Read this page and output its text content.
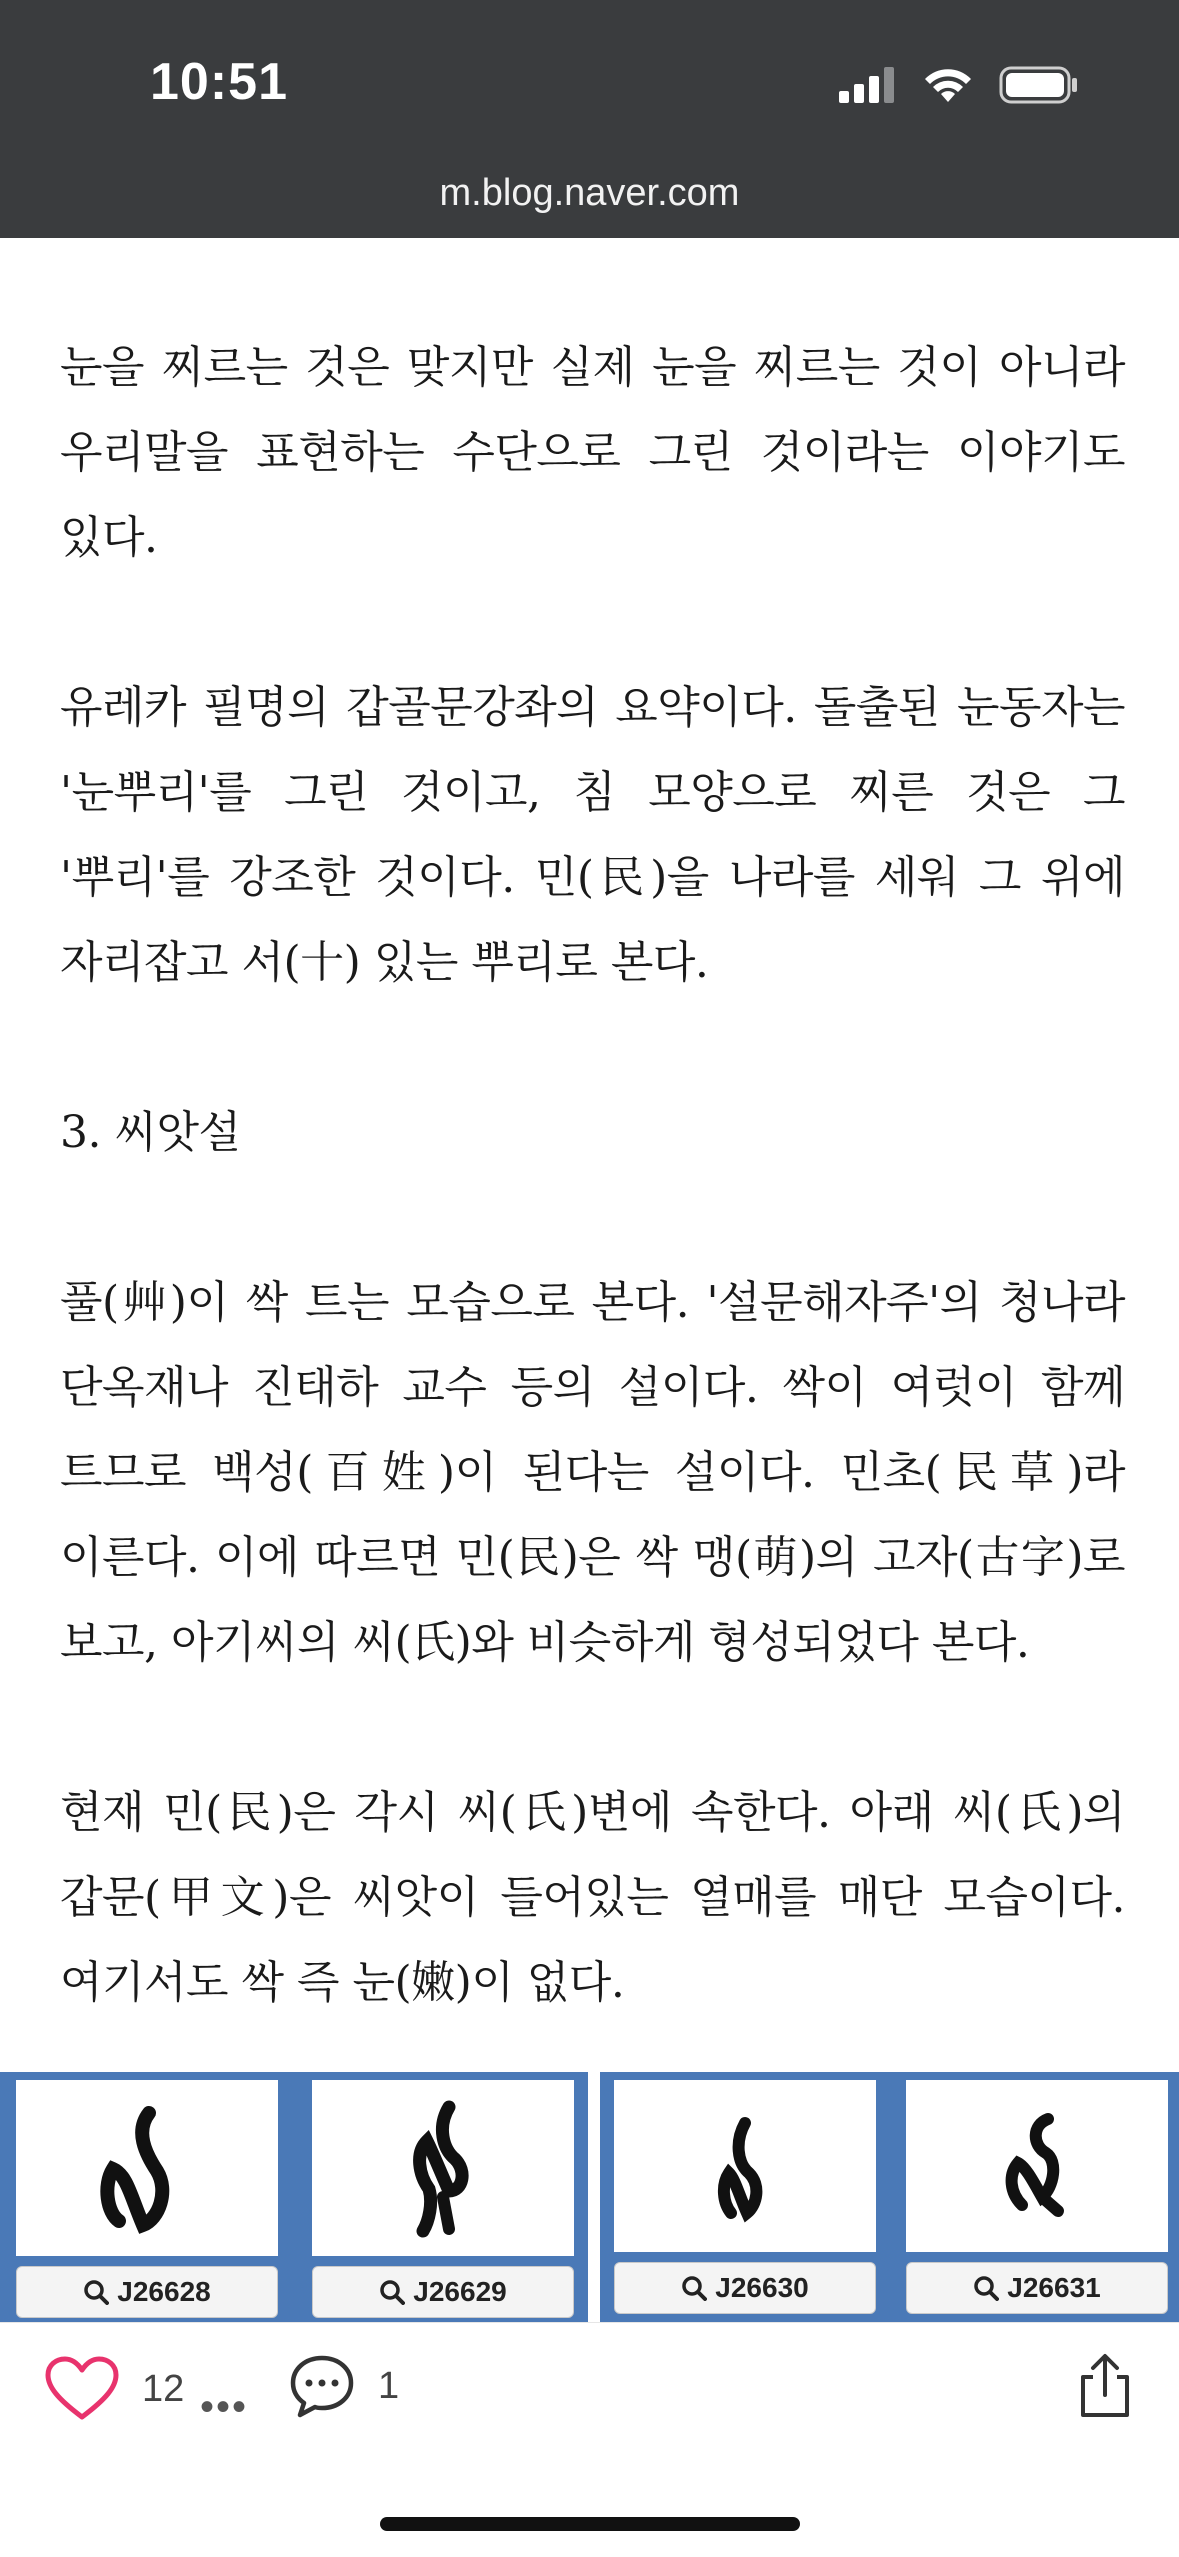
10:51
m.blog.naver.com

눈을 찌르는 것은 맞지만 실제 눈을 찌르는 것이 아니라 우리말을 표현하는 수단으로 그린 것이라는 이야기도 있다.

유레카 필명의 갑골문강좌의 요약이다. 돌출된 눈동자는 '눈뿌리'를 그린 것이고, 침 모양으로 찌른 것은 그 '뿌리'를 강조한 것이다. 민(民)을 나라를 세워 그 위에 자리잡고 서(十) 있는 뿌리로 본다.

3. 씨앗설

풀(艸)이 싹 트는 모습으로 본다. '설문해자주'의 청나라 단옥재나 진태하 교수 등의 설이다. 싹이 여럿이 함께 트므로 백성(百姓)이 된다는 설이다. 민초(民草)라 이른다. 이에 따르면 민(民)은 싹 맹(萌)의 고자(古字)로 보고, 아기씨의 씨(氏)와 비슷하게 형성되었다 본다.

현재 민(民)은 각시 씨(氏)변에 속한다. 아래 씨(氏)의 갑문(甲文)은 씨앗이 들어있는 열매를 매단 모습이다. 여기서도 싹 즉 눈(嫩)이 없다.

J26628	J26629	J26630	J26631
12 •••	1
